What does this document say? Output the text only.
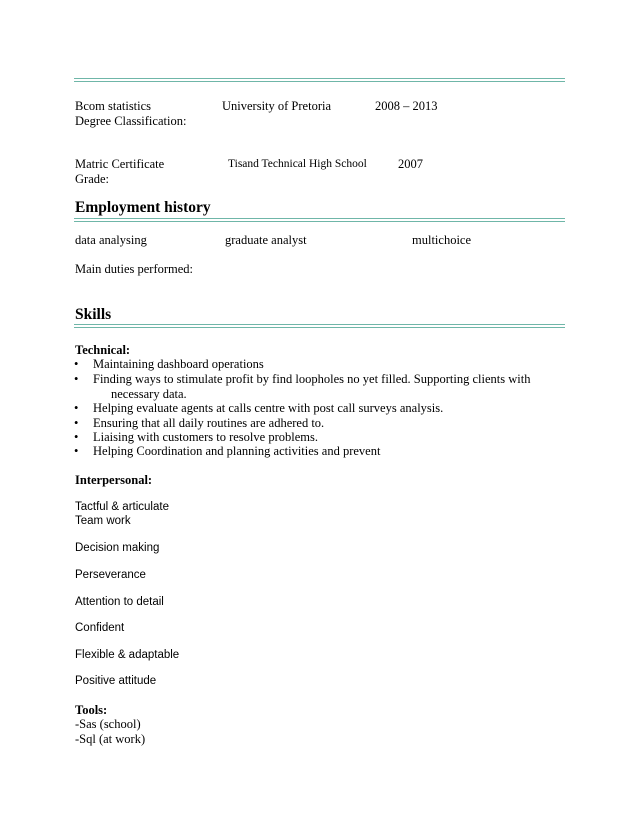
Bcom statistics	University of Pretoria	2008 – 2013
Degree Classification:
Matric Certificate	Tisand Technical High School 2007
Grade:
Employment history
data analysing	graduate analyst	multichoice
Main duties performed:
Skills
Technical:
• Maintaining dashboard operations
• Finding ways to stimulate profit by find loopholes no yet filled. Supporting clients with
necessary data.
• Helping evaluate agents at calls centre with post call surveys analysis.
• Ensuring that all daily routines are adhered to.
• Liaising with customers to resolve problems.
• Helping Coordination and planning activities and prevent
Interpersonal:
Tactful & articulate
Team work
Decision making
Perseverance
Attention to detail
Confident
Flexible & adaptable
Positive attitude
Tools:
-Sas (school)
-Sql (at work)
